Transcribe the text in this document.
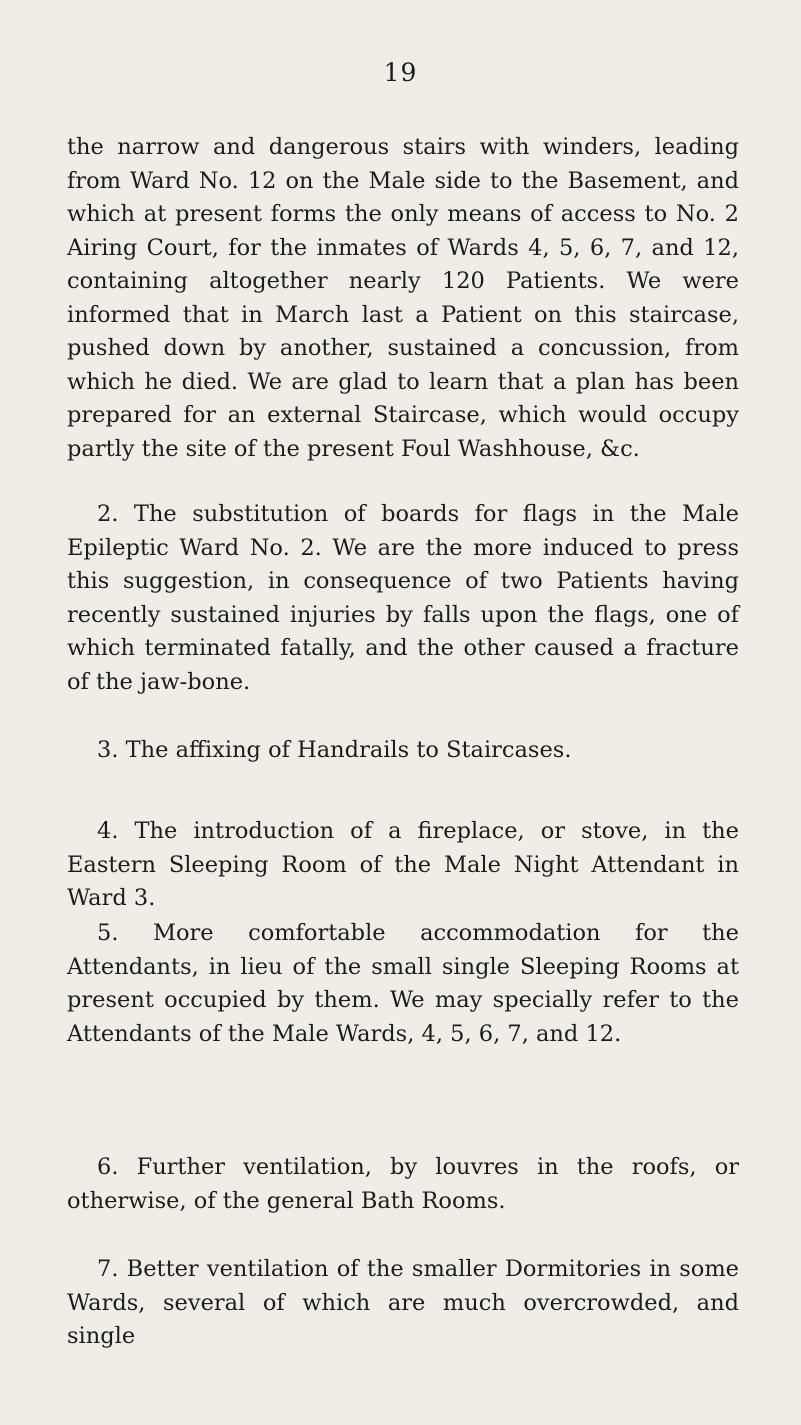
19
the narrow and dangerous stairs with winders, leading from Ward No. 12 on the Male side to the Basement, and which at present forms the only means of access to No. 2 Airing Court, for the inmates of Wards 4, 5, 6, 7, and 12, containing altogether nearly 120 Patients. We were informed that in March last a Patient on this staircase, pushed down by another, sustained a concussion, from which he died. We are glad to learn that a plan has been prepared for an external Staircase, which would occupy partly the site of the present Foul Washhouse, &c.
2. The substitution of boards for flags in the Male Epileptic Ward No. 2. We are the more induced to press this suggestion, in consequence of two Patients having recently sustained injuries by falls upon the flags, one of which terminated fatally, and the other caused a fracture of the jaw-bone.
3. The affixing of Handrails to Staircases.
4. The introduction of a fireplace, or stove, in the Eastern Sleeping Room of the Male Night Attendant in Ward 3.
5. More comfortable accommodation for the Attendants, in lieu of the small single Sleeping Rooms at present occupied by them. We may specially refer to the Attendants of the Male Wards, 4, 5, 6, 7, and 12.
6. Further ventilation, by louvres in the roofs, or otherwise, of the general Bath Rooms.
7. Better ventilation of the smaller Dormitories in some Wards, several of which are much overcrowded, and single
